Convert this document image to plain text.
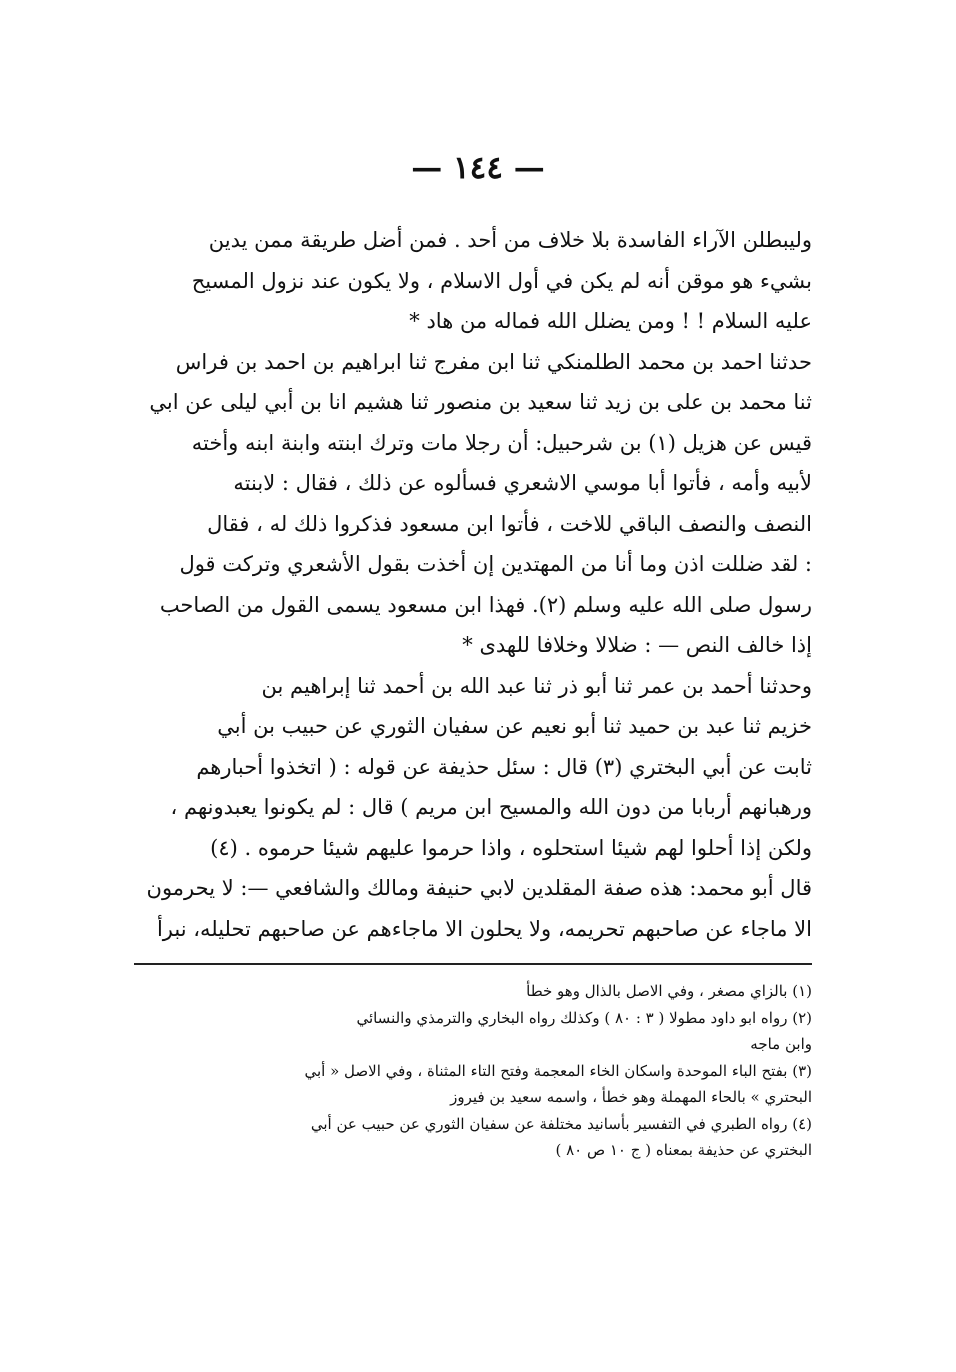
— ١٤٤ —
وليبطلن الآراء الفاسدة بلا خلاف من أحد . فمن أضل طريقة ممن يدين
بشيء هو موقن أنه لم يكن في أول الاسلام ، ولا يكون عند نزول المسيح
عليه السلام ! ! ومن يضلل الله فماله من هاد *
حدثنا احمد بن محمد الطلمنكي ثنا ابن مفرج ثنا ابراهيم بن احمد بن فراس
ثنا محمد بن على بن زيد ثنا سعيد بن منصور ثنا هشيم انا بن أبي ليلى عن ابي
قيس عن هزيل (١) بن شرحبيل: أن رجلا مات وترك ابنته وابنة ابنه وأخته
لأبيه وأمه ، فأتوا أبا موسي الاشعري فسألوه عن ذلك ، فقال : لابنته
النصف والنصف الباقي للاخت ، فأتوا ابن مسعود فذكروا ذلك له ، فقال
: لقد ضللت اذن وما أنا من المهتدين إن أخذت بقول الأشعري وتركت قول
رسول صلى الله عليه وسلم (٢). فهذا ابن مسعود يسمى القول من الصاحب
إذا خالف النص — : ضلالا وخلافا للهدى *
وحدثنا أحمد بن عمر ثنا أبو ذر ثنا عبد الله بن أحمد ثنا إبراهيم بن
خزيم ثنا عبد بن حميد ثنا أبو نعيم عن سفيان الثوري عن حبيب بن أبي
ثابت عن أبي البختري (٣) قال : سئل حذيفة عن قوله : ( اتخذوا أحبارهم
ورهبانهم أربابا من دون الله والمسيح ابن مريم ) قال : لم يكونوا يعبدونهم ،
ولكن إذا أحلوا لهم شيئا استحلوه ، واذا حرموا عليهم شيئا حرموه . (٤)
قال أبو محمد: هذه صفة المقلدين لابي حنيفة ومالك والشافعي —: لا يحرمون
الا ماجاء عن صاحبهم تحريمه، ولا يحلون الا ماجاءهم عن صاحبهم تحليله، نبرأ
(١) بالزاي مصغر ، وفي الاصل بالذال وهو خطأ
(٢) رواه ابو داود مطولا ( ٣ : ٨٠ ) وكذلك رواه البخاري والترمذي والنسائي
وابن ماجه
(٣) بفتح الباء الموحدة واسكان الخاء المعجمة وفتح التاء المثناة ، وفي الاصل « أبي
البحتري » بالحاء المهملة وهو خطأ ، واسمه سعيد بن فيروز
(٤) رواه الطبري في التفسير بأسانيد مختلفة عن سفيان الثوري عن حبيب عن أبي
البختري عن حذيفة بمعناه ( ج ١٠ ص ٨٠ )
